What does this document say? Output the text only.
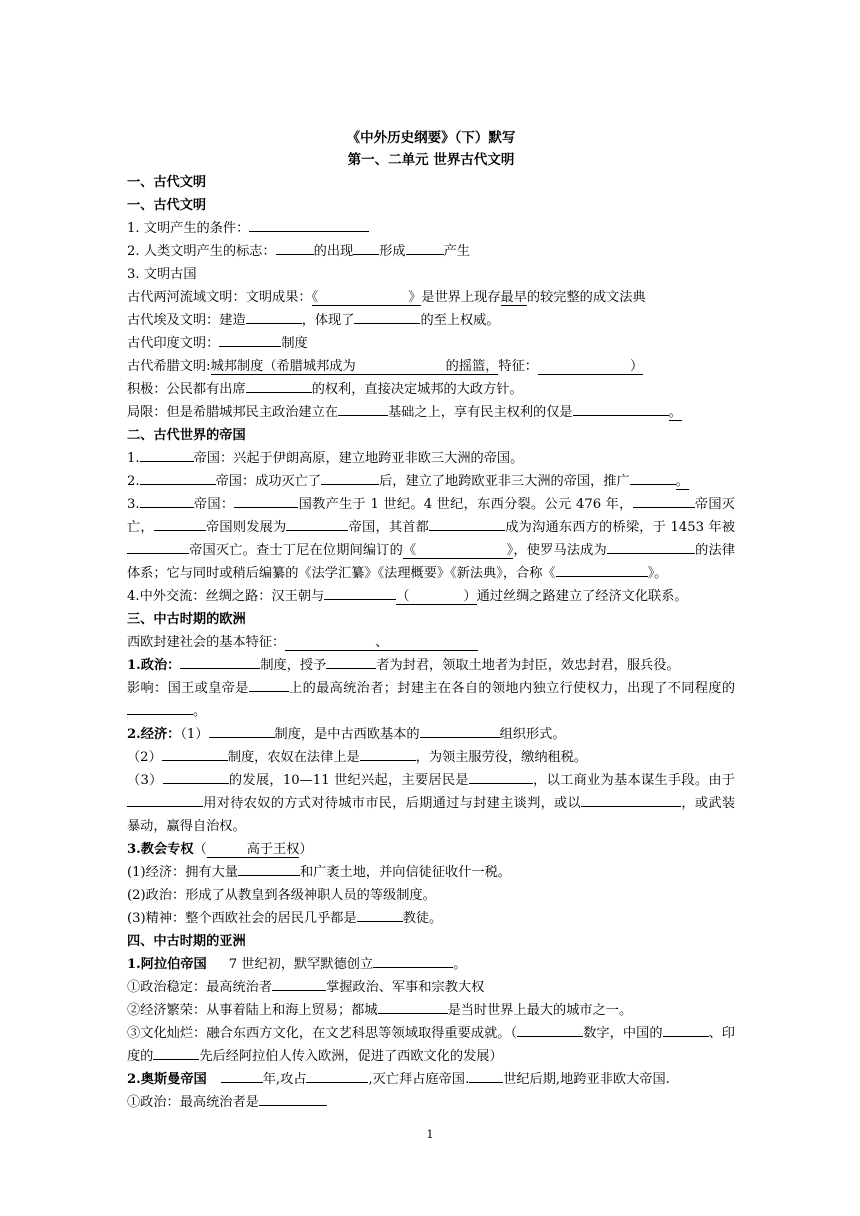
《中外历史纲要》（下）默写
第一、二单元 世界古代文明
一、古代文明
一、古代文明
1. 文明产生的条件：
2. 人类文明产生的标志：	的出现 形成	产生
3. 文明古国
古代两河流域文明：文明成果：《	》是世界上现存最早的较完整的成文法典
古代埃及文明：建造	，体现了	的至上权威。
古代印度文明：	制度
古代希腊文明:城邦制度（希腊城邦成为	的摇篮，特征：	）
积极：公民都有出席	的权利，直接决定城邦的大政方针。
局限：但是希腊城邦民主政治建立在	基础之上，享有民主权利的仅是	。
二、古代世界的帝国
1.	帝国：兴起于伊朗高原，建立地跨亚非欧三大洲的帝国。
2.	帝国：成功灭亡了	后，建立了地跨欧亚非三大洲的帝国，推广	。
3.	帝国：	国教产生于 1 世纪。4 世纪，东西分裂。公元 476 年，	帝国灭亡，	帝国则发展为	帝国，其首都	成为沟通东西方的桥梁，于 1453 年被帝国灭亡。查士丁尼在位期间编订的《	》，使罗马法成为	的法律体系；它与同时或稍后编纂的《法学汇纂》《法理概要》《新法典》，合称《	》。
4.中外交流：丝绸之路：汉王朝与	（	）通过丝绸之路建立了经济文化联系。
三、中古时期的欧洲
西欧封建社会的基本特征：	、
1.政治：	制度，授予	者为封君，领取土地者为封臣，效忠封君，服兵役。
影响：国王或皇帝是	上的最高统治者；封建主在各自的领地内独立行使权力，出现了不同程度的。
2.经济：（1）	制度，是中古西欧基本的	组织形式。
（2）	制度，农奴在法律上是	，为领主服劳役，缴纳租税。
（3）	的发展，10—11 世纪兴起，主要居民是	，以工商业为基本谋生手段。由于用对待农奴的方式对待城市市民，后期通过与封建主谈判，或以	，或武装暴动，赢得自治权。
3.教会专权（	高于王权）
(1)经济：拥有大量	和广袤土地，并向信徒征收什一税。
(2)政治：形成了从教皇到各级神职人员的等级制度。
(3)精神：整个西欧社会的居民几乎都是	教徒。
四、中古时期的亚洲
1.阿拉伯帝国 7 世纪初，默罕默德创立	。
①政治稳定：最高统治者	掌握政治、军事和宗教大权
②经济繁荣：从事着陆上和海上贸易；都城	是当时世界上最大的城市之一。
③文化灿烂：融合东西方文化，在文艺科思等领域取得重要成就。（	数字，中国的	、印度的	先后经阿拉伯人传入欧洲，促进了西欧文化的发展）
2.奥斯曼帝国	年,攻占	,灭亡拜占庭帝国.	世纪后期,地跨亚非欧大帝国.
①政治：最高统治者是
1
